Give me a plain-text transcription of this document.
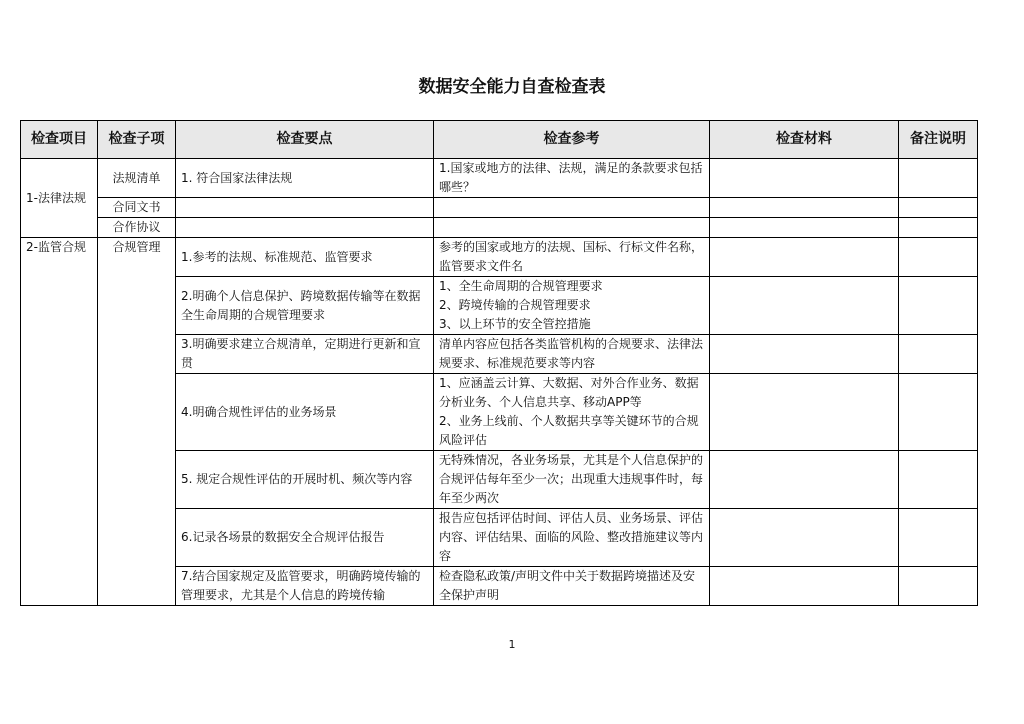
数据安全能力自查检查表
检查项目	检查子项	检查要点	检查参考	检查材料	备注说明
1-法律法规	法规清单	1. 符合国家法律法规	1.国家或地方的法律、法规，满足的条款要求包括哪些？		
	合同文书				
	合作协议				
2-监管合规	合规管理	1.参考的法规、标准规范、监管要求	参考的国家或地方的法规、国标、行标文件名称，监管要求文件名		
		2.明确个人信息保护、跨境数据传输等在数据全生命周期的合规管理要求	1、全生命周期的合规管理要求
2、跨境传输的合规管理要求
3、以上环节的安全管控措施		
		3.明确要求建立合规清单，定期进行更新和宣贯	清单内容应包括各类监管机构的合规要求、法律法规要求、标准规范要求等内容		
		4.明确合规性评估的业务场景	1、应涵盖云计算、大数据、对外合作业务、数据分析业务、个人信息共享、移动APP等
2、业务上线前、个人数据共享等关键环节的合规风险评估		
		5. 规定合规性评估的开展时机、频次等内容	无特殊情况，各业务场景，尤其是个人信息保护的合规评估每年至少一次；出现重大违规事件时，每年至少两次		
		6.记录各场景的数据安全合规评估报告	报告应包括评估时间、评估人员、业务场景、评估内容、评估结果、面临的风险、整改措施建议等内容		
		7.结合国家规定及监管要求，明确跨境传输的管理要求，尤其是个人信息的跨境传输	检查隐私政策/声明文件中关于数据跨境描述及安全保护声明		
1
